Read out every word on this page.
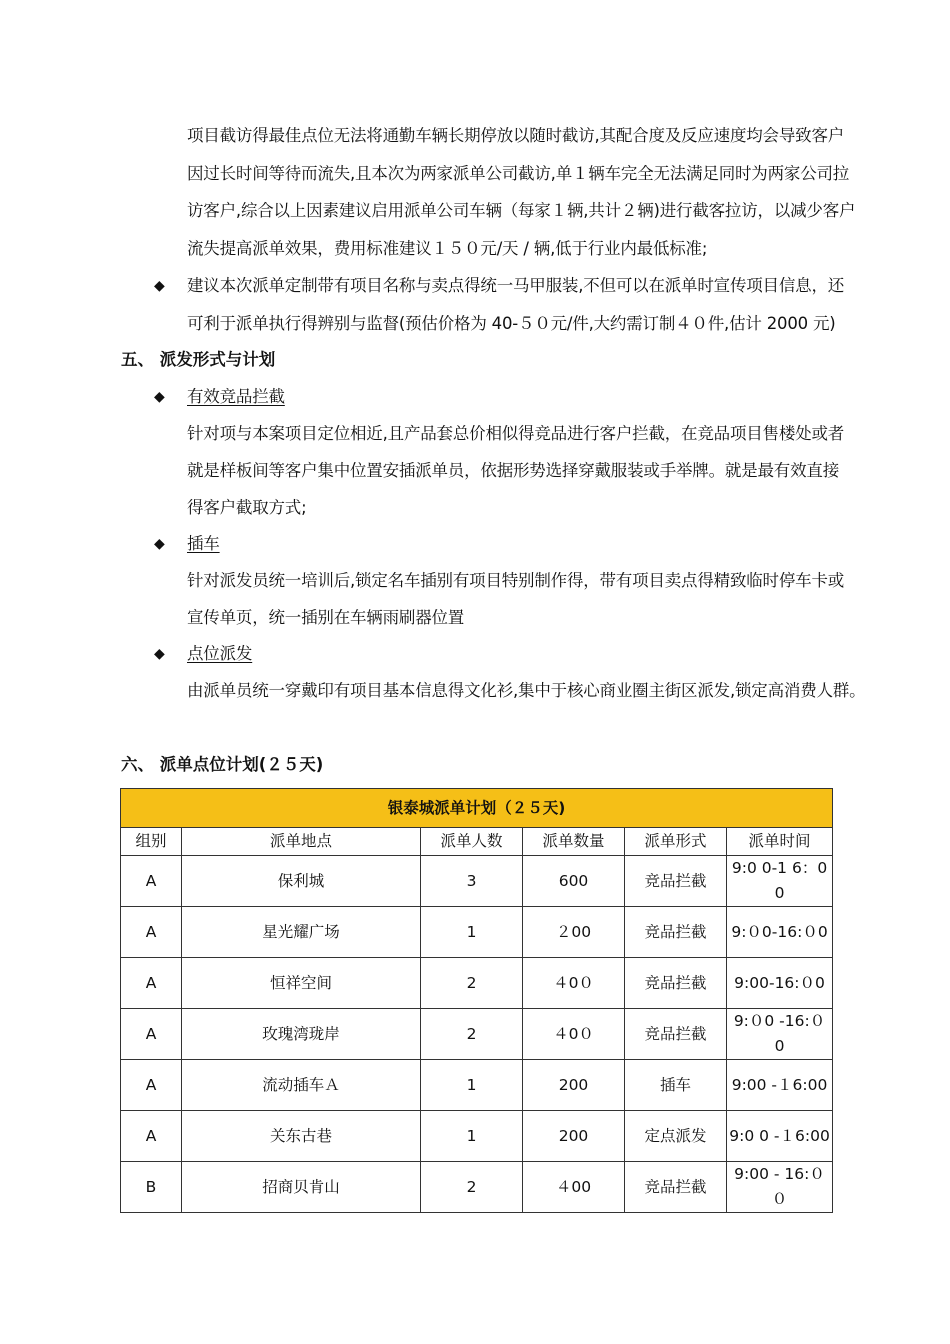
项目截访得最佳点位无法将通勤车辆长期停放以随时截访,其配合度及反应速度均会导致客户
因过长时间等待而流失,且本次为两家派单公司截访,单１辆车完全无法满足同时为两家公司拉
访客户,综合以上因素建议启用派单公司车辆（每家１辆,共计２辆)进行截客拉访，以减少客户
流失提高派单效果，费用标准建议１５０元/天 / 辆,低于行业内最低标准;
◆ 建议本次派单定制带有项目名称与卖点得统一马甲服装,不但可以在派单时宣传项目信息，还
可利于派单执行得辨别与监督(预估价格为 40-５０元/件,大约需订制４０件,估计 2000 元)
五、 派发形式与计划
◆ 有效竞品拦截
针对项与本案项目定位相近,且产品套总价相似得竞品进行客户拦截，在竞品项目售楼处或者
就是样板间等客户集中位置安插派单员，依据形势选择穿戴服装或手举牌。就是最有效直接
得客户截取方式;
◆ 插车
针对派发员统一培训后,锁定名车插别有项目特别制作得，带有项目卖点得精致临时停车卡或
宣传单页，统一插别在车辆雨刷器位置
◆ 点位派发
由派单员统一穿戴印有项目基本信息得文化衫,集中于核心商业圈主街区派发,锁定高消费人群。
六、 派单点位计划(２５天)
银泰城派单计划（２５天)					
组别	派单地点	派单人数	派单数量	派单形式	派单时间
A	保利城	3	600	竞品拦截	9:0 0-1 6：00
A	星光耀广场	1	２00	竞品拦截	9:０0-16:０0
A	恒祥空间	2	４0０	竞品拦截	9:00-16:０0
A	玫瑰湾珑岸	2	４0０	竞品拦截	9:０0 -16:０0
A	流动插车Ａ	1	200	插车	9:00 -１6:00
A	关东古巷	1	200	定点派发	9:0 0 -１6:00
B	招商贝肯山	2	４00	竞品拦截	9:00 - 16:００
